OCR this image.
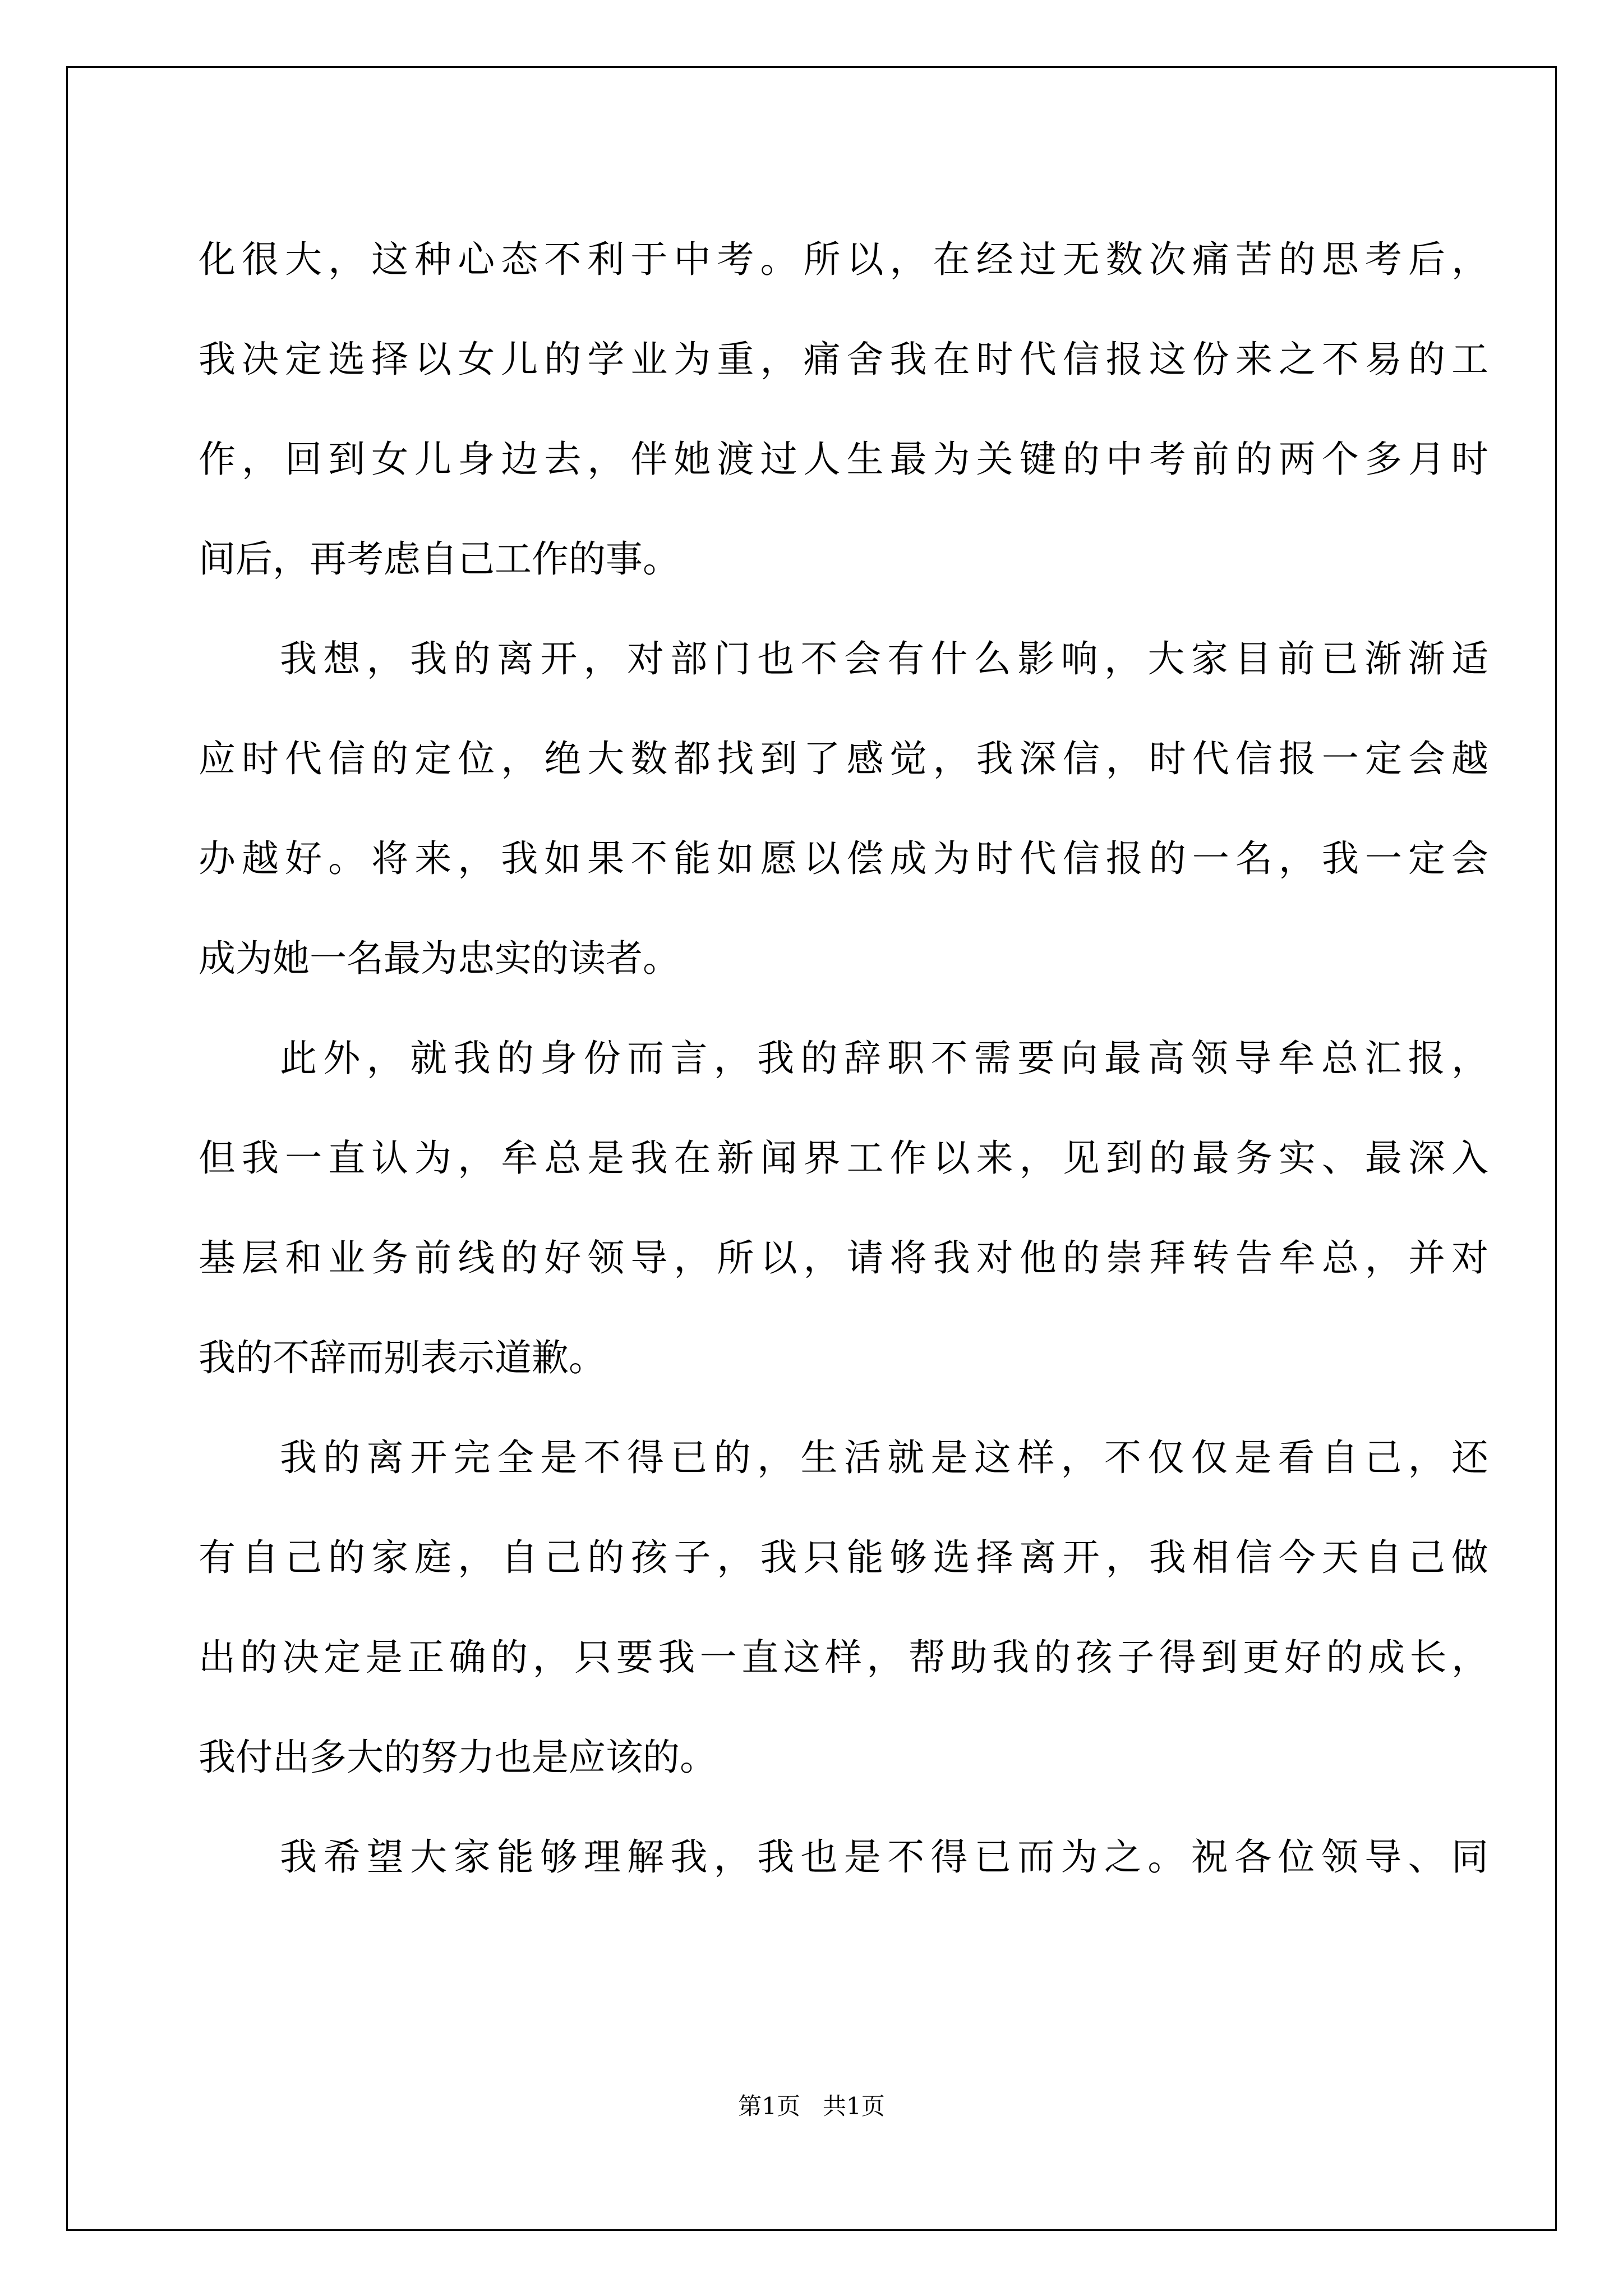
化很大，这种心态不利于中考。所以，在经过无数次痛苦的思考后，
我决定选择以女儿的学业为重，痛舍我在时代信报这份来之不易的工
作，回到女儿身边去，伴她渡过人生最为关键的中考前的两个多月时
间后，再考虑自己工作的事。
我想，我的离开，对部门也不会有什么影响，大家目前已渐渐适
应时代信的定位，绝大数都找到了感觉，我深信，时代信报一定会越
办越好。将来，我如果不能如愿以偿成为时代信报的一名，我一定会
成为她一名最为忠实的读者。
此外，就我的身份而言，我的辞职不需要向最高领导牟总汇报，
但我一直认为，牟总是我在新闻界工作以来，见到的最务实、最深入
基层和业务前线的好领导，所以，请将我对他的崇拜转告牟总，并对
我的不辞而别表示道歉。
我的离开完全是不得已的，生活就是这样，不仅仅是看自己，还
有自己的家庭，自己的孩子，我只能够选择离开，我相信今天自己做
出的决定是正确的，只要我一直这样，帮助我的孩子得到更好的成长，
我付出多大的努力也是应该的。
我希望大家能够理解我，我也是不得已而为之。祝各位领导、同
第1页   共1页
